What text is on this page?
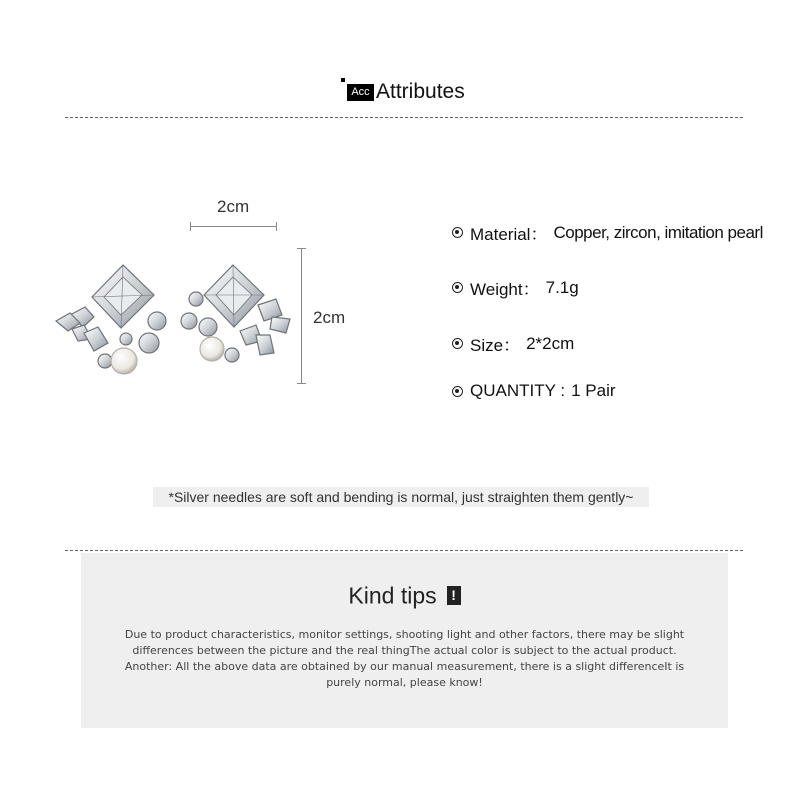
Acc Attributes
2cm
2cm
Material： Copper, zircon, imitation pearl
Weight： 7.1g
Size： 2*2cm
QUANTITY : 1 Pair
*Silver needles are soft and bending is normal, just straighten them gently~
Kind tips !
Due to product characteristics, monitor settings, shooting light and other factors, there may be slight differences between the picture and the real thingThe actual color is subject to the actual product. Another: All the above data are obtained by our manual measurement, there is a slight differenceIt is purely normal, please know!
